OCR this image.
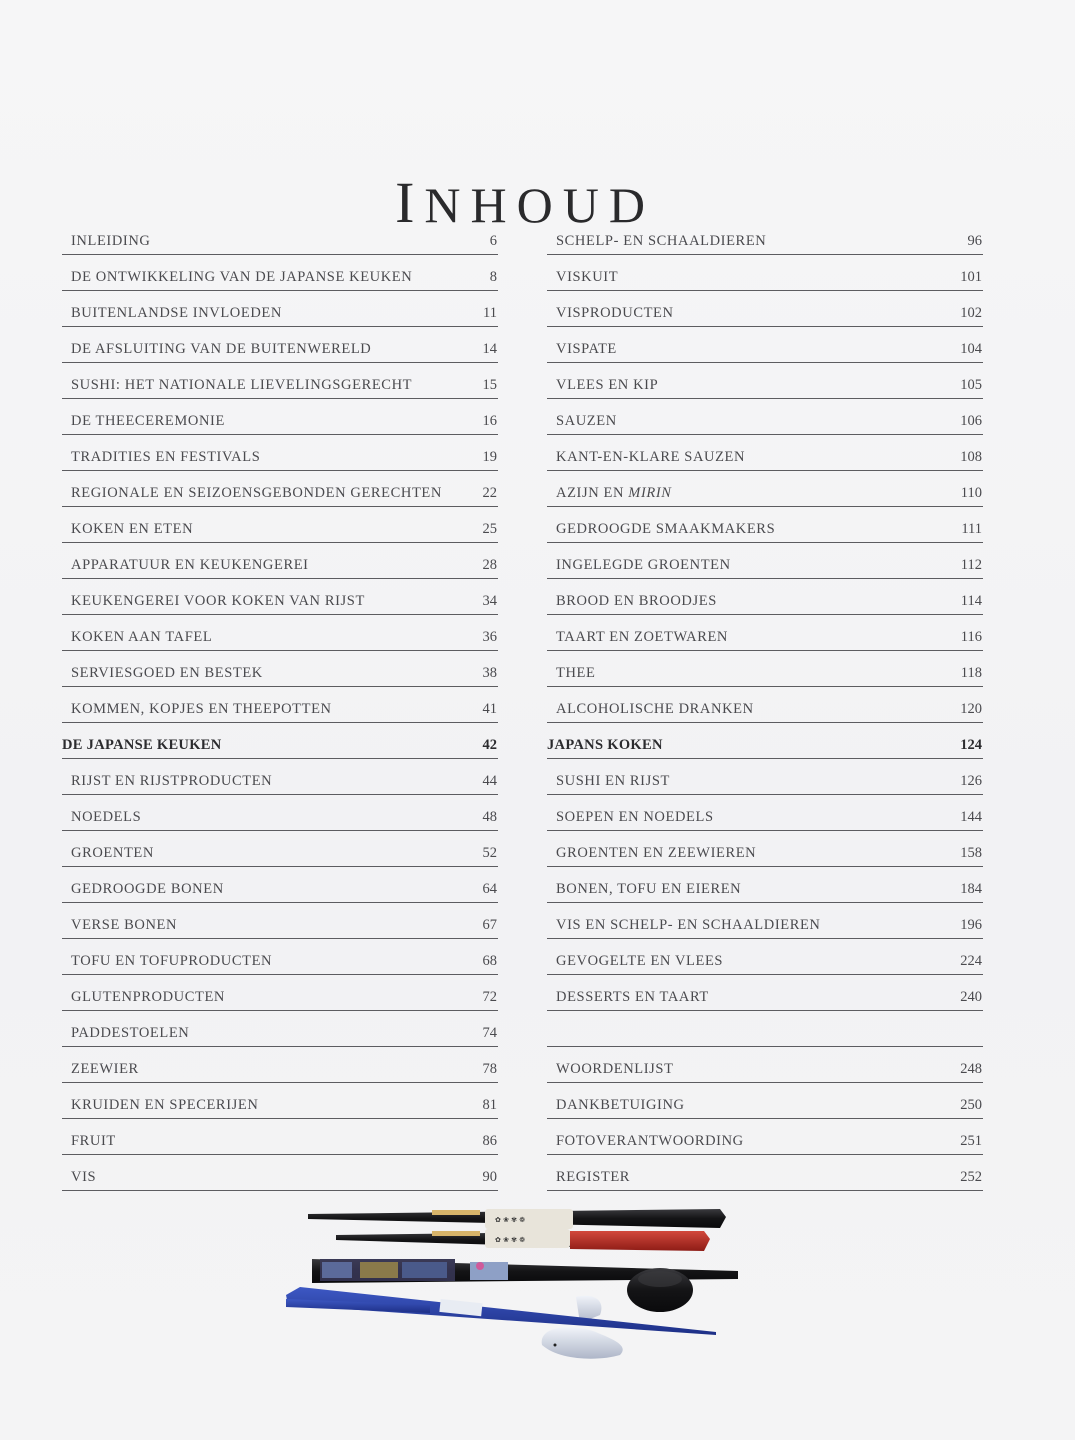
INHOUD
INLEIDING	6
DE ONTWIKKELING VAN DE JAPANSE KEUKEN	8
BUITENLANDSE INVLOEDEN	11
DE AFSLUITING VAN DE BUITENWERELD	14
SUSHI: HET NATIONALE LIEVELINGSGERECHT	15
DE THEECEREMONIE	16
TRADITIES EN FESTIVALS	19
REGIONALE EN SEIZOENSGEBONDEN GERECHTEN	22
KOKEN EN ETEN	25
APPARATUUR EN KEUKENGEREI	28
KEUKENGEREI VOOR KOKEN VAN RIJST	34
KOKEN AAN TAFEL	36
SERVIESGOED EN BESTEK	38
KOMMEN, KOPJES EN THEEPOTTEN	41
DE JAPANSE KEUKEN	42
RIJST EN RIJSTPRODUCTEN	44
NOEDELS	48
GROENTEN	52
GEDROOGDE BONEN	64
VERSE BONEN	67
TOFU EN TOFUPRODUCTEN	68
GLUTENPRODUCTEN	72
PADDESTOELEN	74
ZEEWIER	78
KRUIDEN EN SPECERIJEN	81
FRUIT	86
VIS	90
SCHELP- EN SCHAALDIEREN	96
VISKUIT	101
VISPRODUCTEN	102
VISPATE	104
VLEES EN KIP	105
SAUZEN	106
KANT-EN-KLARE SAUZEN	108
AZIJN EN MIRIN	110
GEDROOGDE SMAAKMAKERS	111
INGELEGDE GROENTEN	112
BROOD EN BROODJES	114
TAART EN ZOETWAREN	116
THEE	118
ALCOHOLISCHE DRANKEN	120
JAPANS KOKEN	124
SUSHI EN RIJST	126
SOEPEN EN NOEDELS	144
GROENTEN EN ZEEWIEREN	158
BONEN, TOFU EN EIEREN	184
VIS EN SCHELP- EN SCHAALDIEREN	196
GEVOGELTE EN VLEES	224
DESSERTS EN TAART	240
WOORDENLIJST	248
DANKBETUIGING	250
FOTOVERANTWOORDING	251
REGISTER	252
✿ ❀ ✾ ❁
✿ ❀ ✾ ❁
